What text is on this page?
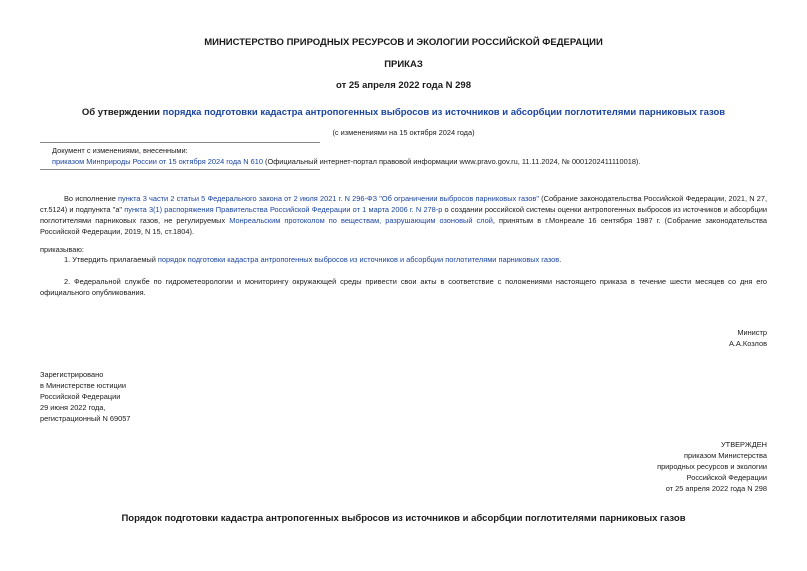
МИНИСТЕРСТВО ПРИРОДНЫХ РЕСУРСОВ И ЭКОЛОГИИ РОССИЙСКОЙ ФЕДЕРАЦИИ
ПРИКАЗ
от 25 апреля 2022 года N 298
Об утверждении порядка подготовки кадастра антропогенных выбросов из источников и абсорбции поглотителями парниковых газов
(с изменениями на 15 октября 2024 года)
Документ с изменениями, внесенными:
приказом Минприроды России от 15 октября 2024 года N 610 (Официальный интернет-портал правовой информации www.pravo.gov.ru, 11.11.2024, № 0001202411110018).
Во исполнение пункта 3 части 2 статьи 5 Федерального закона от 2 июля 2021 г. N 296-ФЗ "Об ограничении выбросов парниковых газов" (Собрание законодательства Российской Федерации, 2021, N 27, ст.5124) и подпункта "а" пункта 3(1) распоряжения Правительства Российской Федерации от 1 марта 2006 г. N 278-р о создании российской системы оценки антропогенных выбросов из источников и абсорбции поглотителями парниковых газов, не регулируемых Монреальским протоколом по веществам, разрушающим озоновый слой, принятым в г.Монреале 16 сентября 1987 г. (Собрание законодательства Российской Федерации, 2019, N 15, ст.1804).
приказываю:
1. Утвердить прилагаемый порядок подготовки кадастра антропогенных выбросов из источников и абсорбции поглотителями парниковых газов.
2. Федеральной службе по гидрометеорологии и мониторингу окружающей среды привести свои акты в соответствие с положениями настоящего приказа в течение шести месяцев со дня его официального опубликования.
Министр
А.А.Козлов
Зарегистрировано
в Министерстве юстиции
Российской Федерации
29 июня 2022 года,
регистрационный N 69057
УТВЕРЖДЕН
приказом Министерства
природных ресурсов и экологии
Российской Федерации
от 25 апреля 2022 года N 298
Порядок подготовки кадастра антропогенных выбросов из источников и абсорбции поглотителями парниковых газов
